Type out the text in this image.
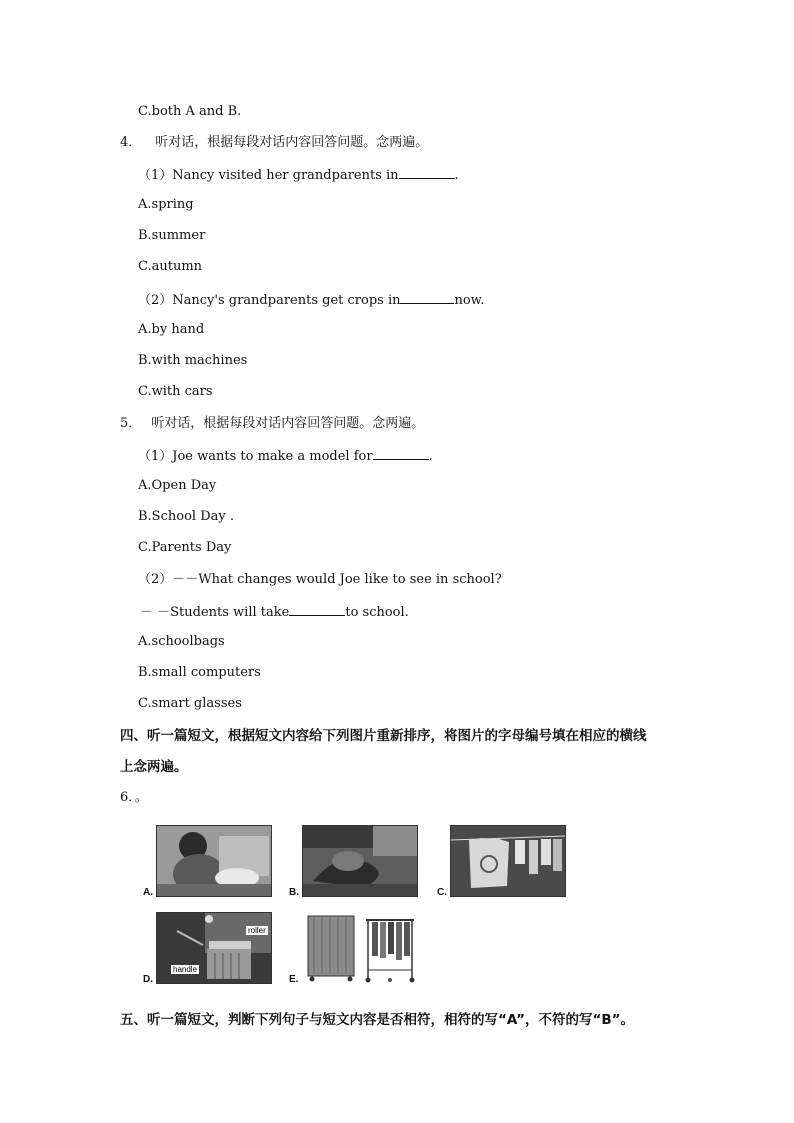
C.both A and B.
4． 听对话，根据每段对话内容回答问题。念两遍。
（1）Nancy visited her grandparents in	.
A.spring
B.summer
C.autumn
（2）Nancy's grandparents get crops in	now.
A.by hand
B.with machines
C.with cars
5． 听对话，根据每段对话内容回答问题。念两遍。
（1）Joe wants to make a model for	.
A.Open Day
B.School Day .
C.Parents Day
（2）－－What changes would Joe like to see in school?
－ －Students will take	to school.
A.schoolbags
B.small computers
C.smart glasses
四、听一篇短文，根据短文内容给下列图片重新排序，将图片的字母编号填在相应的横线
上念两遍。
6．。
A.	B.	C.
roller
handle
D.	E.
五、听一篇短文，判断下列句子与短文内容是否相符，相符的写“A”，不符的写“B”。
